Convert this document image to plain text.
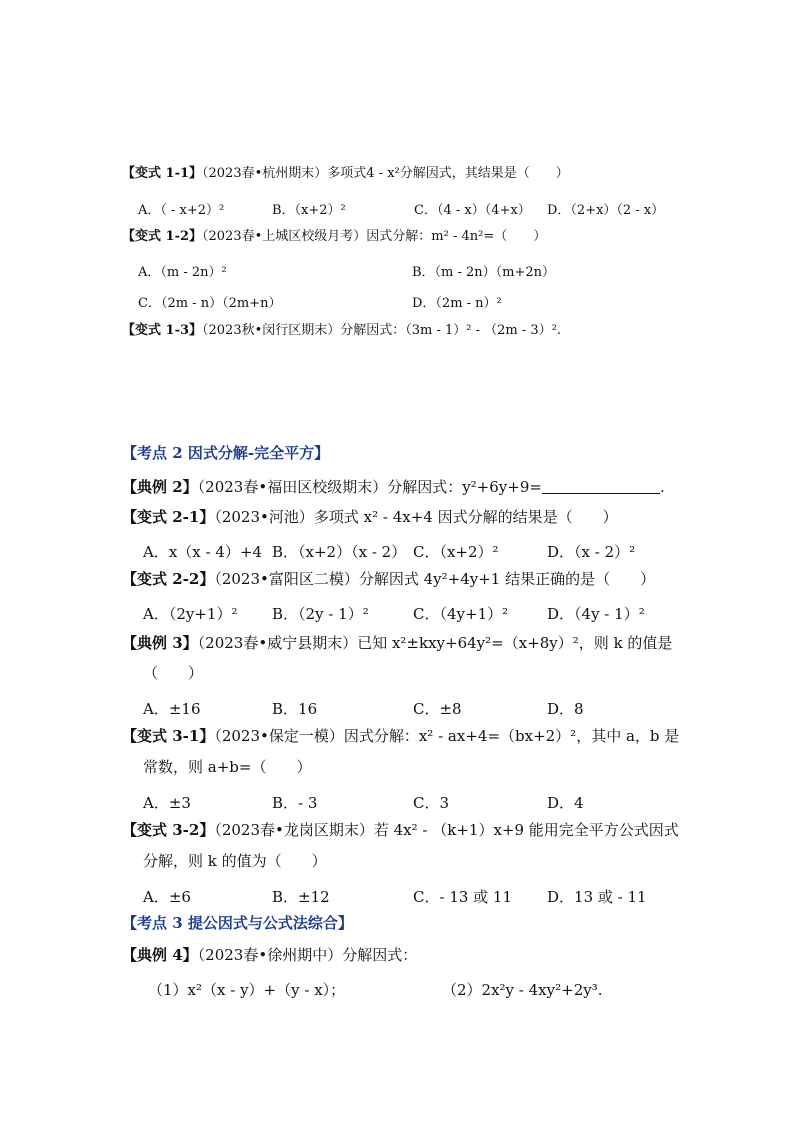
【变式 1-1】（2023春•杭州期末）多项式4 - x²分解因式，其结果是（　　）
A．（ - x+2）²	B．（x+2）²	C．（4 - x）（4+x） D．（2+x）（2 - x）
【变式 1-2】（2023春•上城区校级月考）因式分解：m² - 4n²=（　　）
A．（m - 2n）²	B．（m - 2n）（m+2n）
C．（2m - n）（2m+n）	D．（2m - n）²
【变式 1-3】（2023秋•闵行区期末）分解因式：（3m - 1）² - （2m - 3）².
【考点 2 因式分解-完全平方】
【典例 2】（2023春•福田区校级期末）分解因式：y²+6y+9=	.
【变式 2-1】（2023•河池）多项式 x² - 4x+4 因式分解的结果是（　　）
A．x（x - 4）+4 B．（x+2）（x - 2） C．（x+2）²	D．（x - 2）²
【变式 2-2】（2023•富阳区二模）分解因式 4y²+4y+1 结果正确的是（　　）
A．（2y+1）² B．（2y - 1）²	C．（4y+1）²	D．（4y - 1）²
【典例 3】（2023春•威宁县期末）已知 x²±kxy+64y²=（x+8y）²，则 k 的值是
（　　）
A．±16	B．16	C．±8	D．8
【变式 3-1】（2023•保定一模）因式分解：x² - ax+4=（bx+2）²，其中 a，b 是
常数，则 a+b=（　　）
A．±3	B．- 3	C．3	D．4
【变式 3-2】（2023春•龙岗区期末）若 4x² - （k+1）x+9 能用完全平方公式因式
分解，则 k 的值为（　　）
A．±6	B．±12	C．- 13 或 11 D．13 或 - 11
【考点 3 提公因式与公式法综合】
【典例 4】（2023春•徐州期中）分解因式：
（1）x²（x - y）+（y - x）；	（2）2x²y - 4xy²+2y³.
